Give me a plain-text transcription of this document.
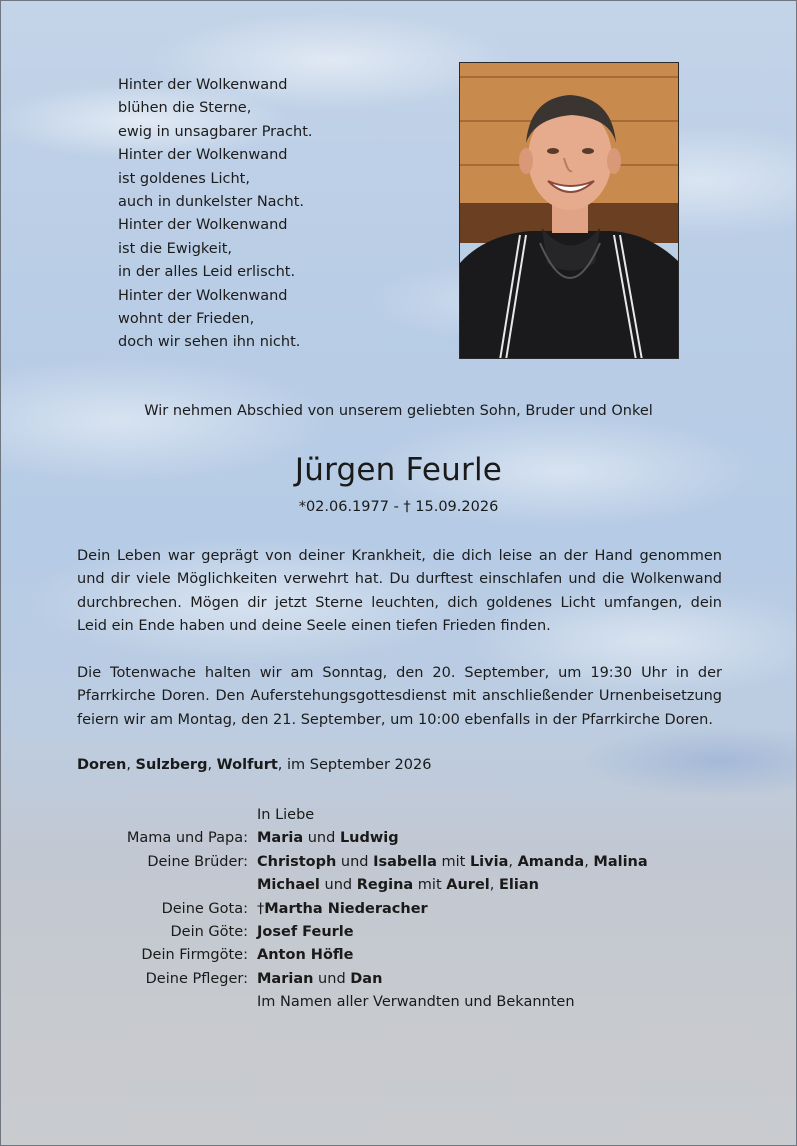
Hinter der Wolkenwand
blühen die Sterne,
ewig in unsagbarer Pracht.
Hinter der Wolkenwand
ist goldenes Licht,
auch in dunkelster Nacht.
Hinter der Wolkenwand
ist die Ewigkeit,
in der alles Leid erlischt.
Hinter der Wolkenwand
wohnt der Frieden,
doch wir sehen ihn nicht.
Wir nehmen Abschied von unserem geliebten Sohn, Bruder und Onkel
Jürgen Feurle
*02.06.1977 - † 15.09.2026
Dein Leben war geprägt von deiner Krankheit, die dich leise an der Hand genommen
und dir viele Möglichkeiten verwehrt hat. Du durftest einschlafen und die Wolkenwand
durchbrechen. Mögen dir jetzt Sterne leuchten, dich goldenes Licht umfangen, dein
Leid ein Ende haben und deine Seele einen tiefen Frieden finden.
Die Totenwache halten wir am Sonntag, den 20. September, um 19:30 Uhr in der
Pfarrkirche Doren. Den Auferstehungsgottesdienst mit anschließender Urnenbeisetzung
feiern wir am Montag, den 21. September, um 10:00 ebenfalls in der Pfarrkirche Doren.
Doren, Sulzberg, Wolfurt, im September 2026
In Liebe
Mama und Papa: Maria und Ludwig
Deine Brüder: Christoph und Isabella mit Livia, Amanda, Malina
Michael und Regina mit Aurel, Elian
Deine Gota: †Martha Niederacher
Dein Göte: Josef Feurle
Dein Firmgöte: Anton Höfle
Deine Pfleger: Marian und Dan
Im Namen aller Verwandten und Bekannten
